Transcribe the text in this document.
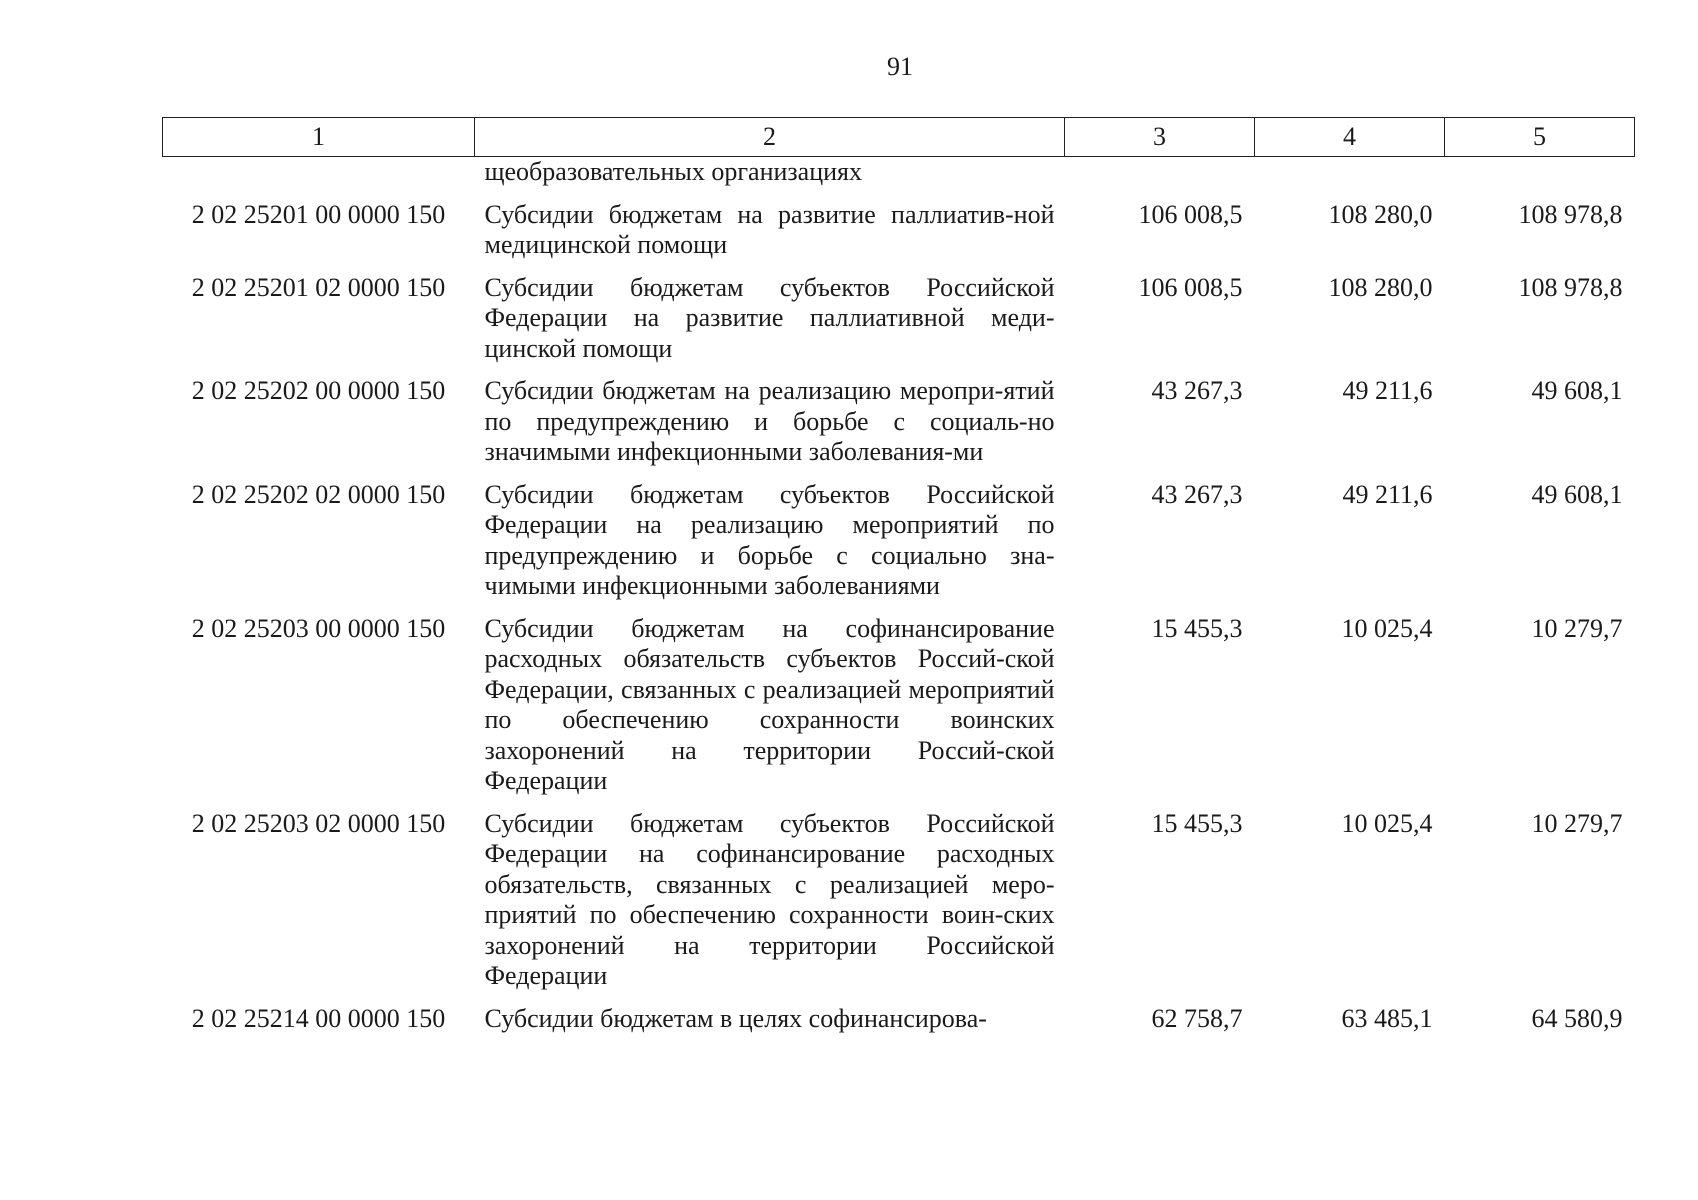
91
1	2	3	4	5
	щеобразовательных организациях			
2 02 25201 00 0000 150	Субсидии бюджетам на развитие паллиатив-ной медицинской помощи	106 008,5	108 280,0	108 978,8
2 02 25201 02 0000 150	Субсидии бюджетам субъектов Российской Федерации на развитие паллиативной меди-цинской помощи	106 008,5	108 280,0	108 978,8
2 02 25202 00 0000 150	Субсидии бюджетам на реализацию меропри-ятий по предупреждению и борьбе с социаль-но значимыми инфекционными заболевания-ми	43 267,3	49 211,6	49 608,1
2 02 25202 02 0000 150	Субсидии бюджетам субъектов Российской Федерации на реализацию мероприятий по предупреждению и борьбе с социально зна-чимыми инфекционными заболеваниями	43 267,3	49 211,6	49 608,1
2 02 25203 00 0000 150	Субсидии бюджетам на софинансирование расходных обязательств субъектов Россий-ской Федерации, связанных с реализацией мероприятий по обеспечению сохранности воинских захоронений на территории Россий-ской Федерации	15 455,3	10 025,4	10 279,7
2 02 25203 02 0000 150	Субсидии бюджетам субъектов Российской Федерации на софинансирование расходных обязательств, связанных с реализацией меро-приятий по обеспечению сохранности воин-ских захоронений на территории Российской Федерации	15 455,3	10 025,4	10 279,7
2 02 25214 00 0000 150	Субсидии бюджетам в целях софинансирова-	62 758,7	63 485,1	64 580,9
